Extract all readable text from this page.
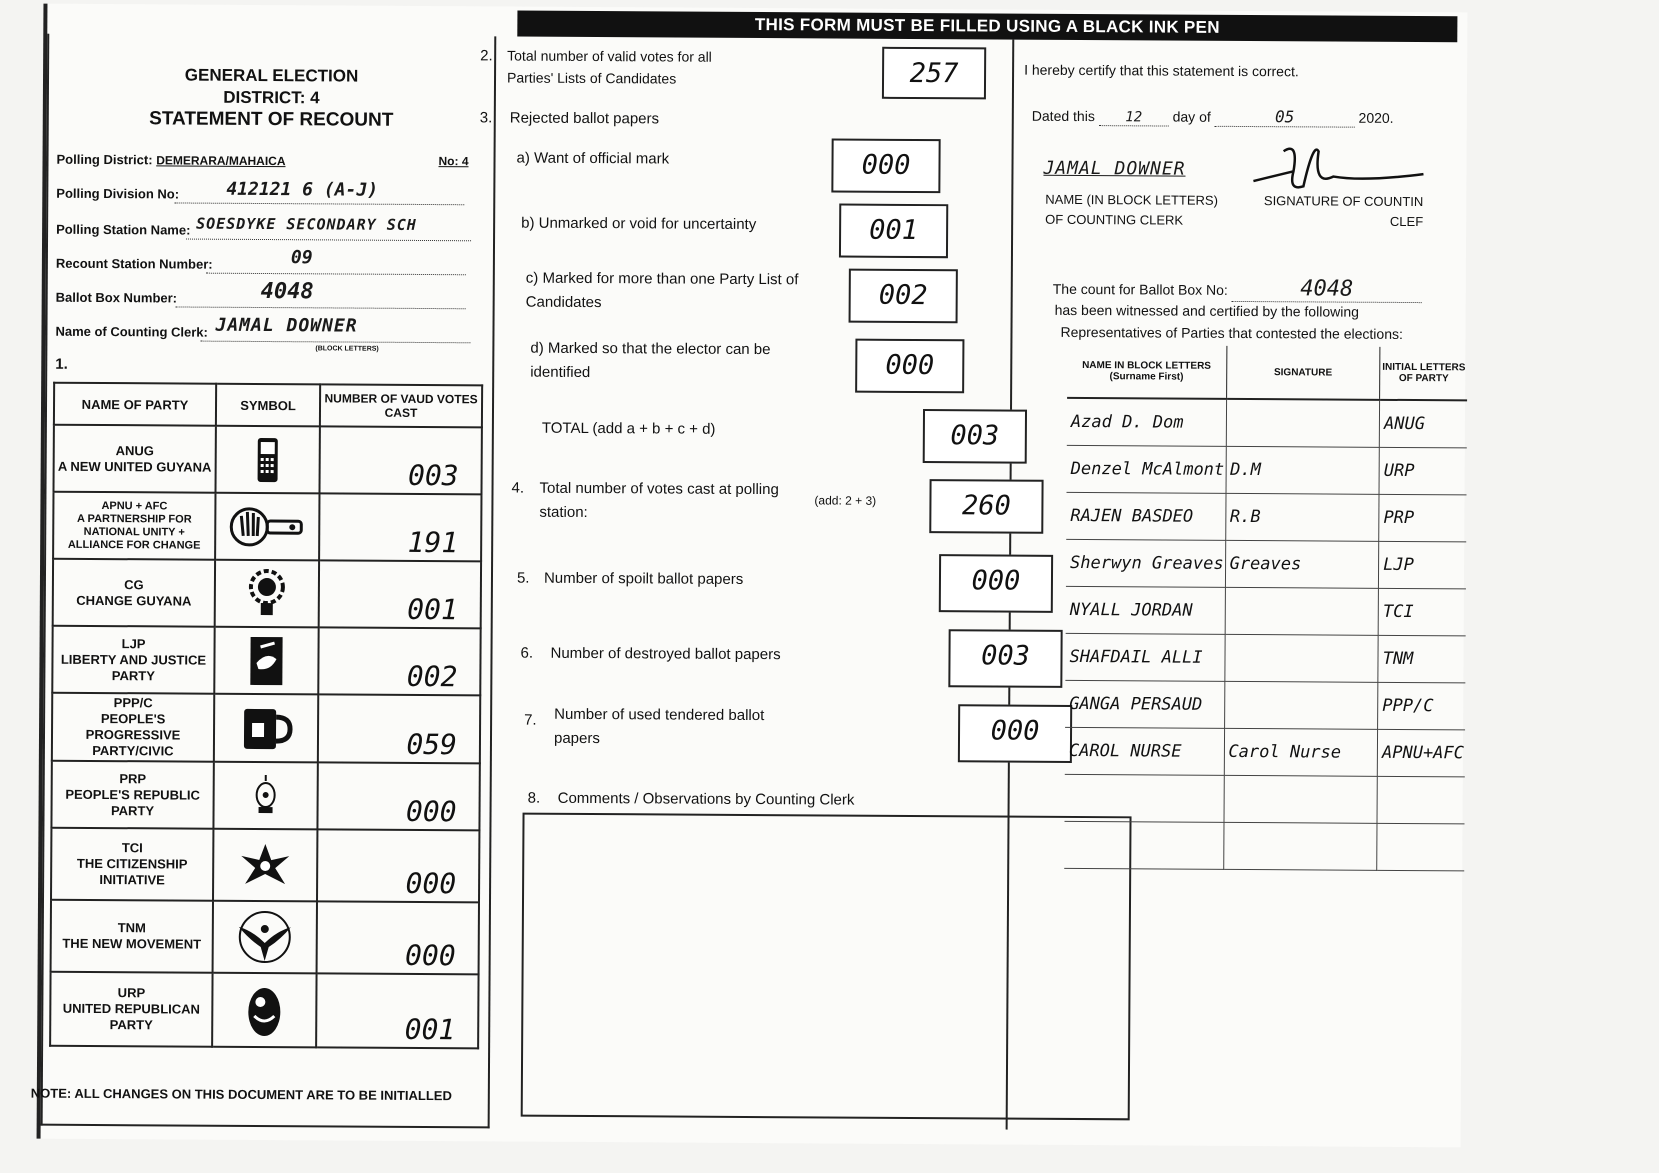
THIS FORM MUST BE FILLED USING A BLACK INK PEN
GENERAL ELECTION
DISTRICT: 4
STATEMENT OF RECOUNT
Polling District: DEMERARA/MAHAICA	No: 4
Polling Division No:	412121 6 (A-J)
Polling Station Name: SOESDYKE SECONDARY SCH
Recount Station Number:	09
Ballot Box Number:	4048
Name of Counting Clerk: JAMAL DOWNER
(BLOCK LETTERS)
1.
NAME OF PARTY	SYMBOL	NUMBER OF VAUD VOTES CAST

ANUG
A NEW UNITED GUYANA		003

APNU + AFC
A PARTNERSHIP FOR NATIONAL UNITY + ALLIANCE FOR CHANGE		191

CG
CHANGE GUYANA		001

LJP
LIBERTY AND JUSTICE PARTY		002

PPP/C
PEOPLE'S PROGRESSIVE PARTY/CIVIC		059

PRP
PEOPLE'S REPUBLIC PARTY		000

TCI
THE CITIZENSHIP INITIATIVE		000

TNM
THE NEW MOVEMENT		000

URP
UNITED REPUBLICAN PARTY		001
NOTE: ALL CHANGES ON THIS DOCUMENT ARE TO BE INITIALLED
2. Total number of valid votes for all Parties' Lists of Candidates	257
3. Rejected ballot papers
a) Want of official mark	000
b) Unmarked or void for uncertainty	001
c) Marked for more than one Party List of Candidates	002
d) Marked so that the elector can be identified	000
TOTAL (add a + b + c + d)	003
4. Total number of votes cast at polling station:
(add: 2 + 3)	260
5. Number of spoilt ballot papers	000
6. Number of destroyed ballot papers	003
7. Number of used tendered ballot papers	000
8. Comments / Observations by Counting Clerk
I hereby certify that this statement is correct.
Dated this 12 day of	05	2020.
JAMAL DOWNER
NAME (IN BLOCK LETTERS) OF COUNTING CLERK
SIGNATURE OF COUNTIN CLEF
The count for Ballot Box No:	4048
has been witnessed and certified by the following
Representatives of Parties that contested the elections:
NAME IN BLOCK LETTERS (Surname First)	SIGNATURE	INITIAL LETTERS OF PARTY
Azad D. Dom		ANUG
Denzel McAlmont	D.M	URP
RAJEN BASDEO	R.B	PRP
Sherwyn Greaves	Greaves	LJP
NYALL JORDAN		TCI
SHAFDAIL ALLI		TNM
GANGA PERSAUD		PPP/C
CAROL NURSE	Carol Nurse	APNU+AFC
